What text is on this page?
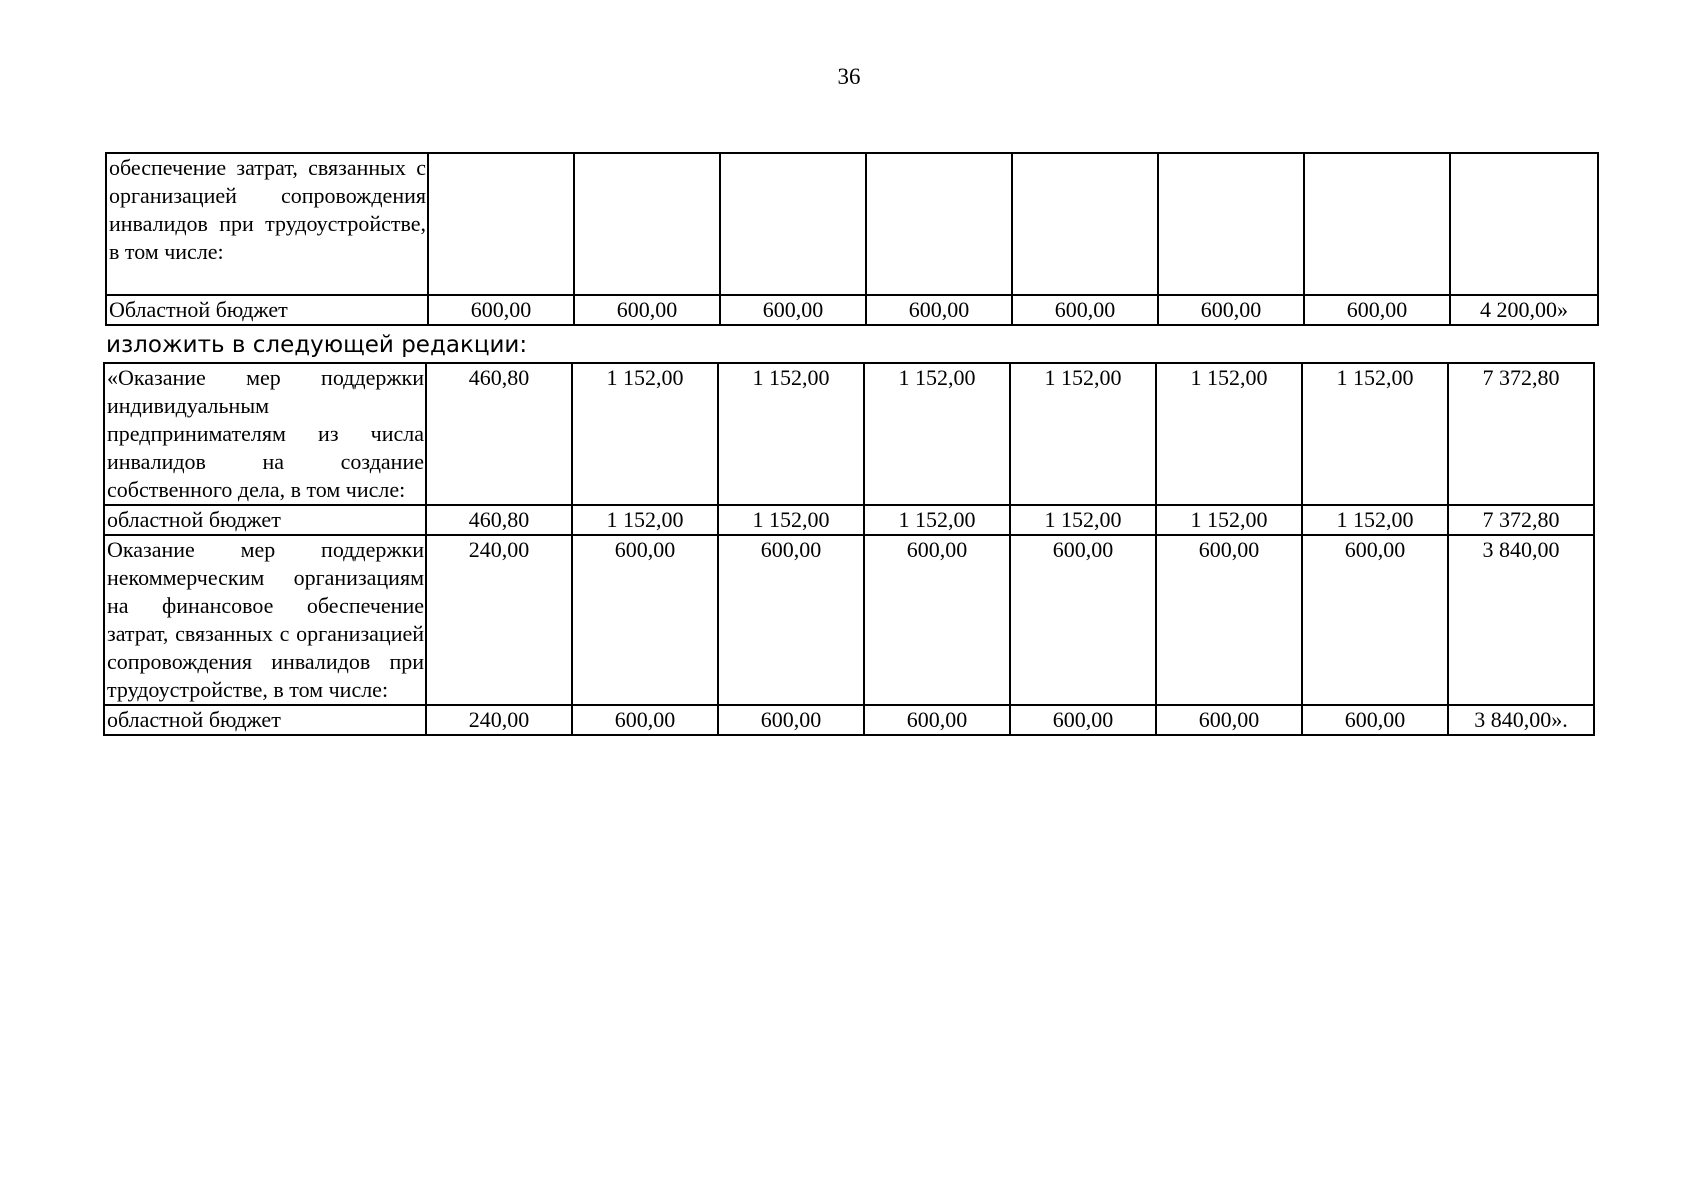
36
обеспечение затрат, связанных с организацией сопровождения инвалидов при трудоустройстве, в том числе:								
Областной бюджет	600,00	600,00	600,00	600,00	600,00	600,00	600,00	4 200,00»
изложить в следующей редакции:
«Оказание мер поддержки индивидуальным предпринимателям из числа инвалидов на создание собственного дела, в том числе:	460,80	1 152,00	1 152,00	1 152,00	1 152,00	1 152,00	1 152,00	7 372,80
областной бюджет	460,80	1 152,00	1 152,00	1 152,00	1 152,00	1 152,00	1 152,00	7 372,80
Оказание мер поддержки некоммерческим организациям на финансовое обеспечение затрат, связанных с организацией сопровождения инвалидов при трудоустройстве, в том числе:	240,00	600,00	600,00	600,00	600,00	600,00	600,00	3 840,00
областной бюджет	240,00	600,00	600,00	600,00	600,00	600,00	600,00	3 840,00».
